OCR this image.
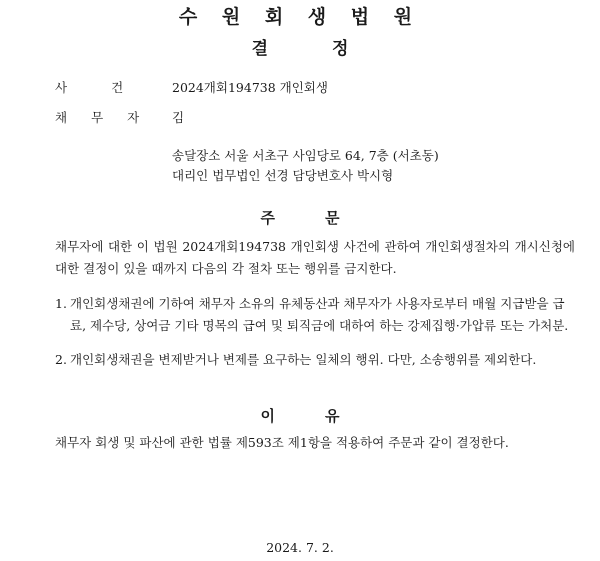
수 원 회 생 법 원
결	정
사	건	2024개회194738 개인회생
채 무 자	김
송달장소 서울 서초구 사임당로 64, 7층 (서초동)
대리인 법무법인 선경 담당변호사 박시형
주	문
채무자에 대한 이 법원 2024개회194738 개인회생 사건에 관하여 개인회생절차의 개시신청에 대한 결정이 있을 때까지 다음의 각 절차 또는 행위를 금지한다.
1. 개인회생채권에 기하여 채무자 소유의 유체동산과 채무자가 사용자로부터 매월 지급받을 급료, 제수당, 상여금 기타 명목의 급여 및 퇴직금에 대하여 하는 강제집행·가압류 또는 가처분.
2. 개인회생채권을 변제받거나 변제를 요구하는 일체의 행위. 다만, 소송행위를 제외한다.
이	유
채무자 회생 및 파산에 관한 법률 제593조 제1항을 적용하여 주문과 같이 결정한다.
2024. 7. 2.
